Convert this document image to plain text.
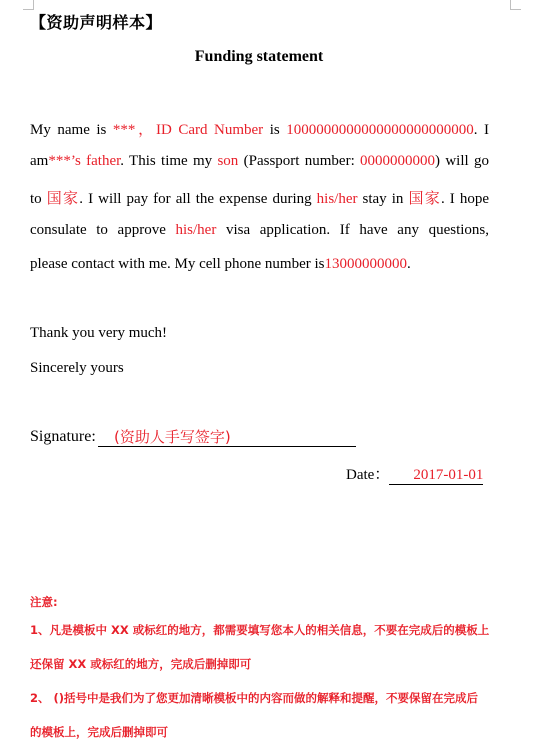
【资助声明样本】
Funding statement
My name is ***，ID Card Number is 1000000000000000000000000. I
am***’s father. This time my son (Passport number: 0000000000) will go
to 国家. I will pay for all the expense during his/her stay in 国家. I hope
consulate to approve his/her visa application. If have any questions,
please contact with me. My cell phone number is13000000000.
Thank you very much!
Sincerely yours
Signature: (资助人手写签字)
Date： 2017-01-01
注意:
1、凡是模板中 XX 或标红的地方，都需要填写您本人的相关信息，不要在完成后的模板上
还保留 XX 或标红的地方，完成后删掉即可
2、 ()括号中是我们为了您更加清晰模板中的内容而做的解释和提醒，不要保留在完成后
的模板上，完成后删掉即可
